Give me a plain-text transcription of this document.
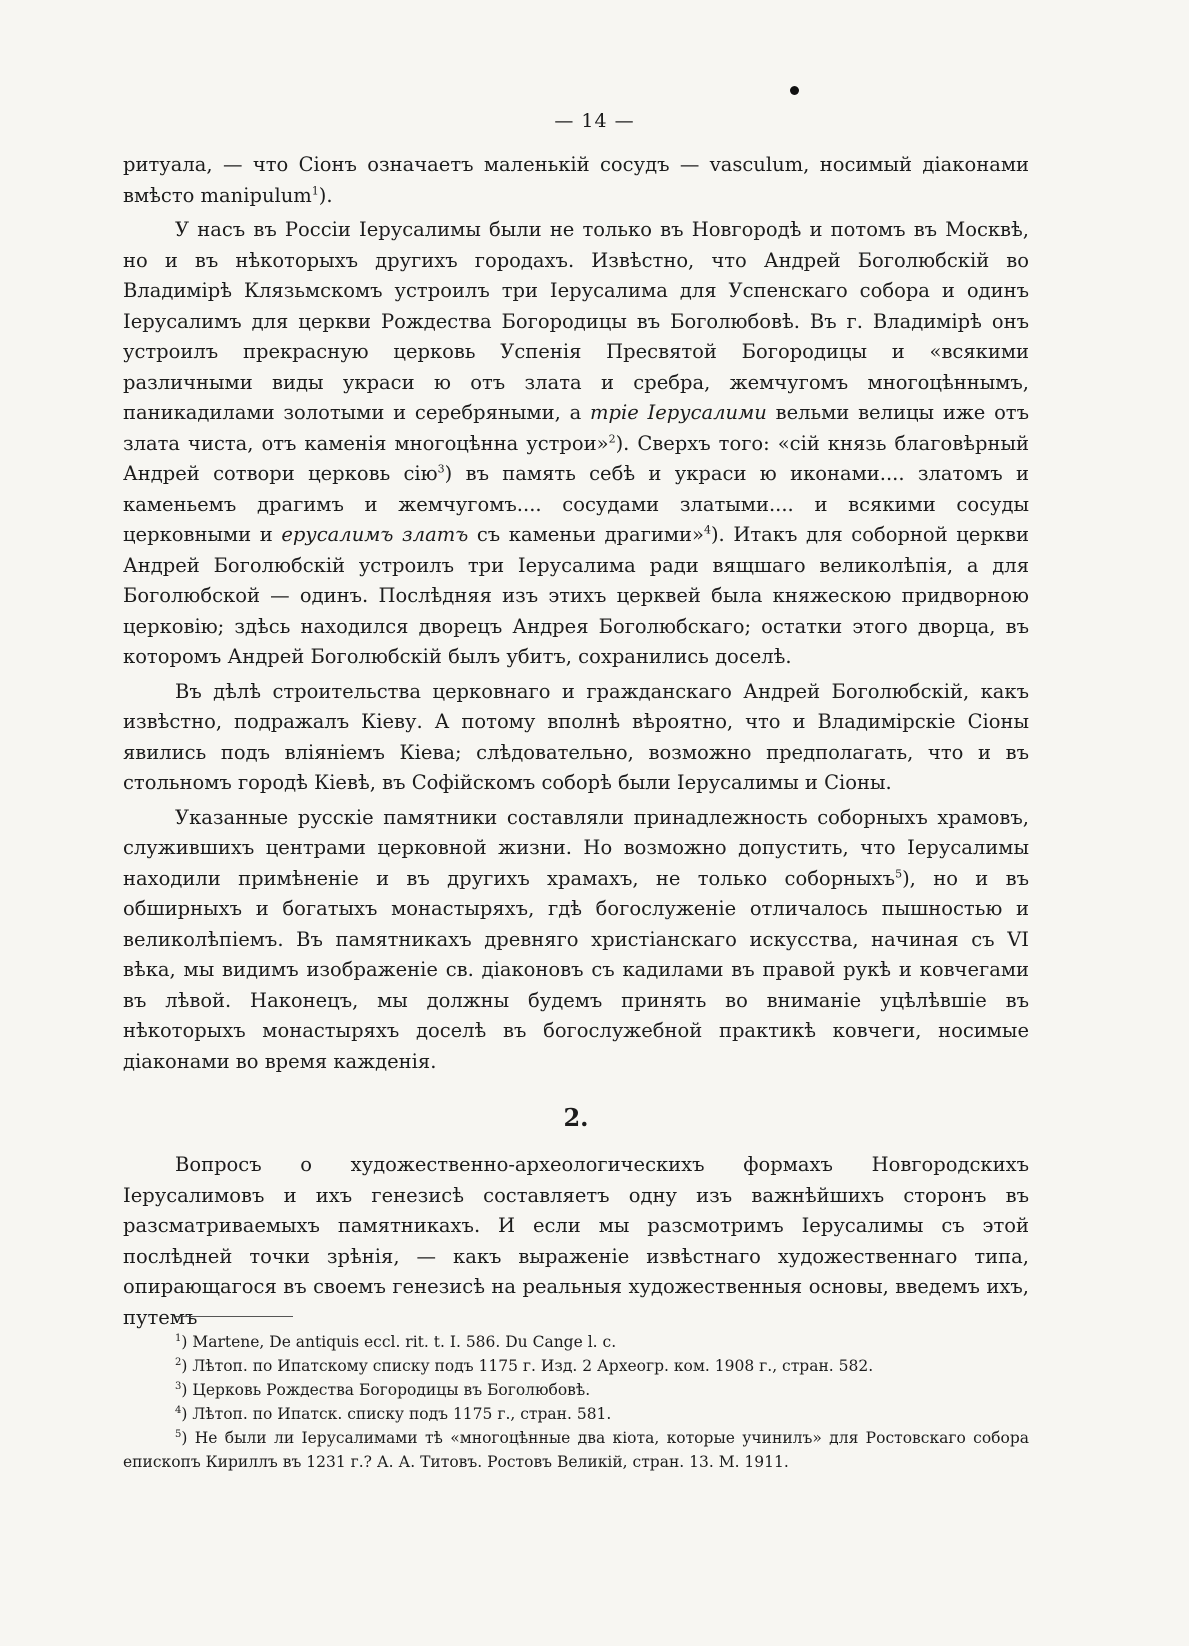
— 14 —

ритуала, — что Сіонъ означаетъ маленькій сосудъ — vasculum, носимый діаконами вмѣсто manipulum$^1$).

У насъ въ Россіи Іерусалимы были не только въ Новгородѣ и потомъ въ Москвѣ, но и въ нѣкоторыхъ другихъ городахъ. Извѣстно, что Андрей Боголюбскій во Владимірѣ Клязьмскомъ устроилъ три Іерусалима для Успенскаго собора и одинъ Іерусалимъ для церкви Рождества Богородицы въ Боголюбовѣ. Въ г. Владимірѣ онъ устроилъ прекрасную церковь Успенія Пресвятой Богородицы и «всякими различными виды украси ю отъ злата и сребра, жемчугомъ многоцѣннымъ, паникадилами золотыми и серебряными, а тріе Іерусалими вельми велицы иже отъ злата чиста, отъ каменія многоцѣнна устрои»$^2$). Сверхъ того: «сій князь благовѣрный Андрей сотвори церковь сію$^3$) въ память себѣ и украси ю иконами.... златомъ и каменьемъ драгимъ и жемчугомъ.... сосудами златыми.... и всякими сосуды церковными и ерусалимъ златъ съ каменьи драгими»$^4$). Итакъ для соборной церкви Андрей Боголюбскій устроилъ три Іерусалима ради вящшаго великолѣпія, а для Боголюбской — одинъ. Послѣдняя изъ этихъ церквей была княжескою придворною церковію; здѣсь находился дворецъ Андрея Боголюбскаго; остатки этого дворца, въ которомъ Андрей Боголюбскій былъ убитъ, сохранились доселѣ.

Въ дѣлѣ строительства церковнаго и гражданскаго Андрей Боголюбскій, какъ извѣстно, подражалъ Кіеву. А потому вполнѣ вѣроятно, что и Владимірскіе Сіоны явились подъ вліяніемъ Кіева; слѣдовательно, возможно предполагать, что и въ стольномъ городѣ Кіевѣ, въ Софійскомъ соборѣ были Іерусалимы и Сіоны.

Указанные русскіе памятники составляли принадлежность соборныхъ храмовъ, служившихъ центрами церковной жизни. Но возможно допустить, что Іерусалимы находили примѣненіе и въ другихъ храмахъ, не только соборныхъ$^5$), но и въ обширныхъ и богатыхъ монастыряхъ, гдѣ богослуженіе отличалось пышностью и великолѣпіемъ. Въ памятникахъ древняго христіанскаго искусства, начиная съ VI вѣка, мы видимъ изображеніе св. діаконовъ съ кадилами въ правой рукѣ и ковчегами въ лѣвой. Наконецъ, мы должны будемъ принять во вниманіе уцѣлѣвшіе въ нѣкоторыхъ монастыряхъ доселѣ въ богослужебной практикѣ ковчеги, носимые діаконами во время кажденія.

2.

Вопросъ о художественно-археологическихъ формахъ Новгородскихъ Іерусалимовъ и ихъ генезисѣ составляетъ одну изъ важнѣйшихъ сторонъ въ разсматриваемыхъ памятникахъ. И если мы разсмотримъ Іерусалимы съ этой послѣдней точки зрѣнія, — какъ выраженіе извѣстнаго художественнаго типа, опирающагося въ своемъ генезисѣ на реальныя художественныя основы, введемъ ихъ, путемъ

$^1$) Martene, De antiquis eccl. rit. t. I. 586. Du Cange l. c.

$^2$) Лѣтоп. по Ипатскому списку подъ 1175 г. Изд. 2 Археогр. ком. 1908 г., стран. 582.

$^3$) Церковь Рождества Богородицы въ Боголюбовѣ.

$^4$) Лѣтоп. по Ипатск. списку подъ 1175 г., стран. 581.

$^5$) Не были ли Іерусалимами тѣ «многоцѣнные два кіота, которые учинилъ» для Ростовскаго собора епископъ Кириллъ въ 1231 г.? А. А. Титовъ. Ростовъ Великій, стран. 13. М. 1911.
